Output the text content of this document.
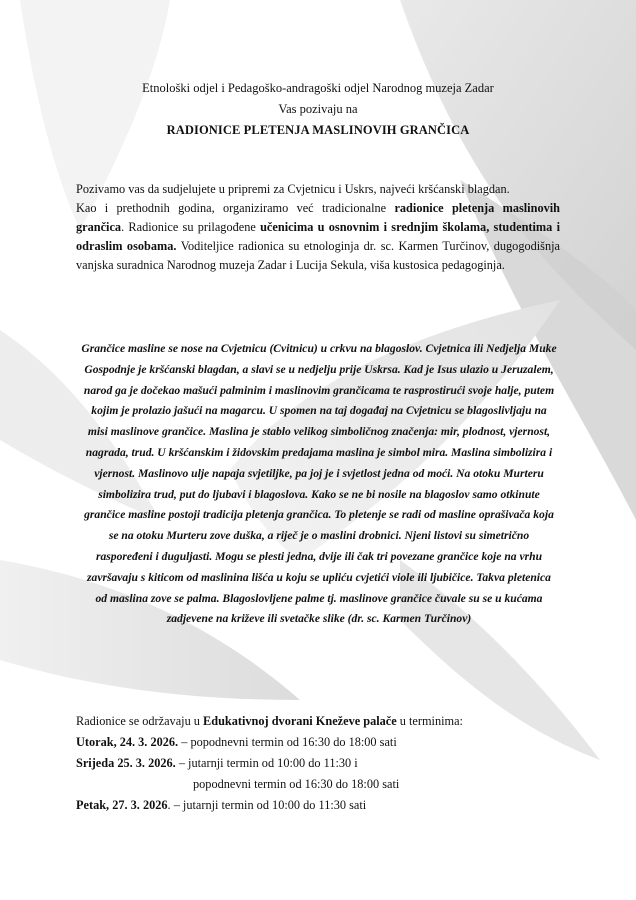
Etnološki odjel i Pedagoško-andragoški odjel Narodnog muzeja Zadar
Vas pozivaju na
RADIONICE PLETENJA MASLINOVIH GRANČICA

Pozivamo vas da sudjelujete u pripremi za Cvjetnicu i Uskrs, najveći kršćanski blagdan.

Kao i prethodnih godina, organiziramo već tradicionalne radionice pletenja maslinovih grančica. Radionice su prilagođene učenicima u osnovnim i srednjim školama, studentima i odraslim osobama. Voditeljice radionica su etnologinja dr. sc. Karmen Turčinov, dugogodišnja vanjska suradnica Narodnog muzeja Zadar i Lucija Sekula, viša kustosica pedagoginja.

Grančice masline se nose na Cvjetnicu (Cvitnicu) u crkvu na blagoslov. Cvjetnica ili Nedjelja Muke Gospodnje je kršćanski blagdan, a slavi se u nedjelju prije Uskrsa. Kad je Isus ulazio u Jeruzalem, narod ga je dočekao mašući palminim i maslinovim grančicama te rasprostirući svoje halje, putem kojim je prolazio jašući na magarcu. U spomen na taj događaj na Cvjetnicu se blagoslivljaju na misi maslinove grančice. Maslina je stablo velikog simboličnog značenja: mir, plodnost, vjernost, nagrada, trud. U kršćanskim i židovskim predajama maslina je simbol mira. Maslina simbolizira i vjernost. Maslinovo ulje napaja svjetiljke, pa joj je i svjetlost jedna od moći. Na otoku Murteru simbolizira trud, put do ljubavi i blagoslova. Kako se ne bi nosile na blagoslov samo otkinute grančice masline postoji tradicija pletenja grančica. To pletenje se radi od masline oprašivača koja se na otoku Murteru zove duška, a riječ je o maslini drobnici. Njeni listovi su simetrično raspoređeni i duguljasti. Mogu se plesti jedna, dvije ili čak tri povezane grančice koje na vrhu završavaju s kiticom od maslinina lišća u koju se upliću cvjetići viole ili ljubičice. Takva pletenica od maslina zove se palma. Blagoslovljene palme tj. maslinove grančice čuvale su se u kućama zadjevene na križeve ili svetačke slike (dr. sc. Karmen Turčinov)
Radionice se održavaju u Edukativnoj dvorani Kneževe palače u terminima:
Utorak, 24. 3. 2026. – popodnevni termin od 16:30 do 18:00 sati
Srijeda 25. 3. 2026. – jutarnji termin od 10:00 do 11:30 i
popodnevni termin od 16:30 do 18:00 sati
Petak, 27. 3. 2026. – jutarnji termin od 10:00 do 11:30 sati
